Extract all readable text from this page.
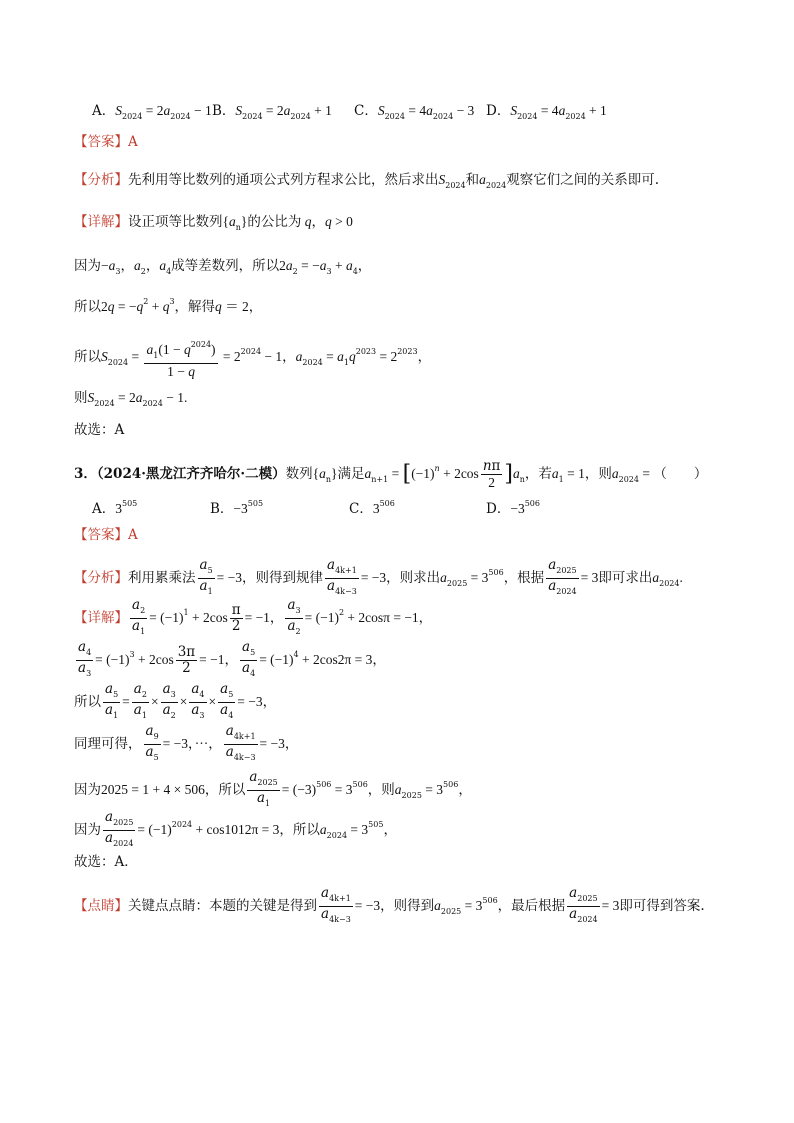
A．$S_{2024} = 2a_{2024} - 1$ B．$S_{2024} = 2a_{2024} + 1$ C．$S_{2024} = 4a_{2024} - 3$ D．$S_{2024} = 4a_{2024} + 1$
【答案】A
【分析】先利用等比数列的通项公式列方程求公比，然后求出$S_{2024}$和$a_{2024}$观察它们之间的关系即可.
【详解】设正项等比数列$\{a_n\}$的公比为 q，q > 0
因为$-a_3$，$a_2$，$a_4$成等差数列，所以$2a_2 = -a_3 + a_4$，
所以$2q = -q^2 + q^3$，解得q ＝ 2，
所以$S_{2024} = \frac{a_1(1 - q^{2024})}{1 - q} = 2^{2024} - 1$，$a_{2024} = a_1q^{2023} = 2^{2023}$，
则$S_{2024} = 2a_{2024} - 1$.
故选：A
3．（2024·黑龙江齐齐哈尔·二模）数列$\{a_n\}$满足$a_{n+1} = [(-1)^n + 2\cos \frac{n\pi}{2} ]a_n$，若$a_1 = 1$，则$a_{2024}$ = （　　）
A．$3^{505}$	B．$-3^{505}$	C．$3^{506}$	D．$-3^{506}$
【答案】A
【分析】利用累乘法 $\frac{a_5}{a_1} = -3$，则得到规律 $\frac{a_{4k+1}}{a_{4k-3}} = -3$，则求出$a_{2025} = 3^{506}$，根据 $\frac{a_{2025}}{a_{2024}} = 3$即可求出$a_{2024}$.
【详解】 $\frac{a_2}{a_1} = (-1)^1 + 2\cos \frac{\pi}{2} = -1$， $\frac{a_3}{a_2} = (-1)^2 + 2\cos\pi = -1$，
$\frac{a_4}{a_3} = (-1)^3 + 2\cos \frac{3\pi}{2} = -1$， $\frac{a_5}{a_4} = (-1)^4 + 2\cos 2\pi = 3$，
所以 $\frac{a_5}{a_1} = \frac{a_2}{a_1} \times \frac{a_3}{a_2} \times \frac{a_4}{a_3} \times \frac{a_5}{a_4} = -3$，
同理可得， $\frac{a_9}{a_5} = -3$，···， $\frac{a_{4k+1}}{a_{4k-3}} = -3$，
因为2025 = 1 + 4 × 506，所以 $\frac{a_{2025}}{a_1} = (-3)^{506} = 3^{506}$，则$a_{2025} = 3^{506}$，
因为 $\frac{a_{2025}}{a_{2024}} = (-1)^{2024} + \cos 1012\pi = 3$，所以$a_{2024} = 3^{505}$，
故选：A．
【点睛】关键点点睛：本题的关键是得到 $\frac{a_{4k+1}}{a_{4k-3}} = -3$，则得到$a_{2025} = 3^{506}$，最后根据 $\frac{a_{2025}}{a_{2024}} = 3$即可得到答案.
